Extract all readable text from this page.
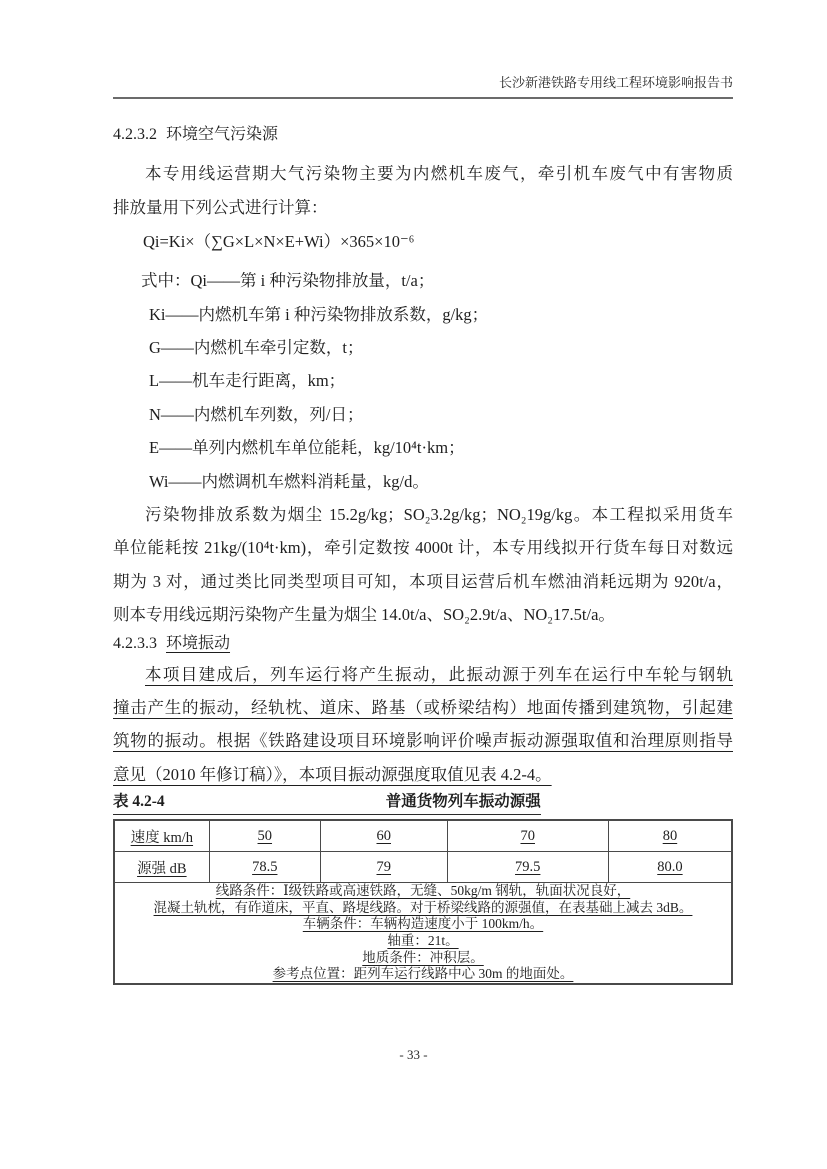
长沙新港铁路专用线工程环境影响报告书
4.2.3.2 环境空气污染源
本专用线运营期大气污染物主要为内燃机车废气，牵引机车废气中有害物质
排放量用下列公式进行计算：
Qi=Ki×（∑G×L×N×E+Wi）×365×10⁻⁶
式中：Qi——第 i 种污染物排放量，t/a；
Ki——内燃机车第 i 种污染物排放系数，g/kg；
G——内燃机车牵引定数，t；
L——机车走行距离，km；
N——内燃机车列数，列/日；
E——单列内燃机车单位能耗，kg/10⁴t·km；
Wi——内燃调机车燃料消耗量，kg/d。
污染物排放系数为烟尘 15.2g/kg；SO₂3.2g/kg；NO₂19g/kg。本工程拟采用货车
单位能耗按 21kg/(10⁴t·km)，牵引定数按 4000t 计，本专用线拟开行货车每日对数远
期为 3 对，通过类比同类型项目可知，本项目运营后机车燃油消耗远期为 920t/a，
则本专用线远期污染物产生量为烟尘 14.0t/a、SO₂2.9t/a、NO₂17.5t/a。
4.2.3.3 环境振动
本项目建成后，列车运行将产生振动，此振动源于列车在运行中车轮与钢轨
撞击产生的振动，经轨枕、道床、路基（或桥梁结构）地面传播到建筑物，引起建
筑物的振动。根据《铁路建设项目环境影响评价噪声振动源强取值和治理原则指导
意见（2010 年修订稿）》，本项目振动源强度取值见表 4.2-4。
表 4.2-4	普通货物列车振动源强
速度 km/h	50	60	70	80
源强 dB	78.5	79	79.5	80.0

线路条件：Ⅰ级铁路或高速铁路，无缝、50kg/m 钢轨，轨面状况良好，
混凝土轨枕，有砟道床，平直、路堤线路。对于桥梁线路的源强值，在表基础上减去 3dB。
车辆条件：车辆构造速度小于 100km/h。
轴重：21t。
地质条件：冲积层。
参考点位置：距列车运行线路中心 30m 的地面处。
- 33 -
